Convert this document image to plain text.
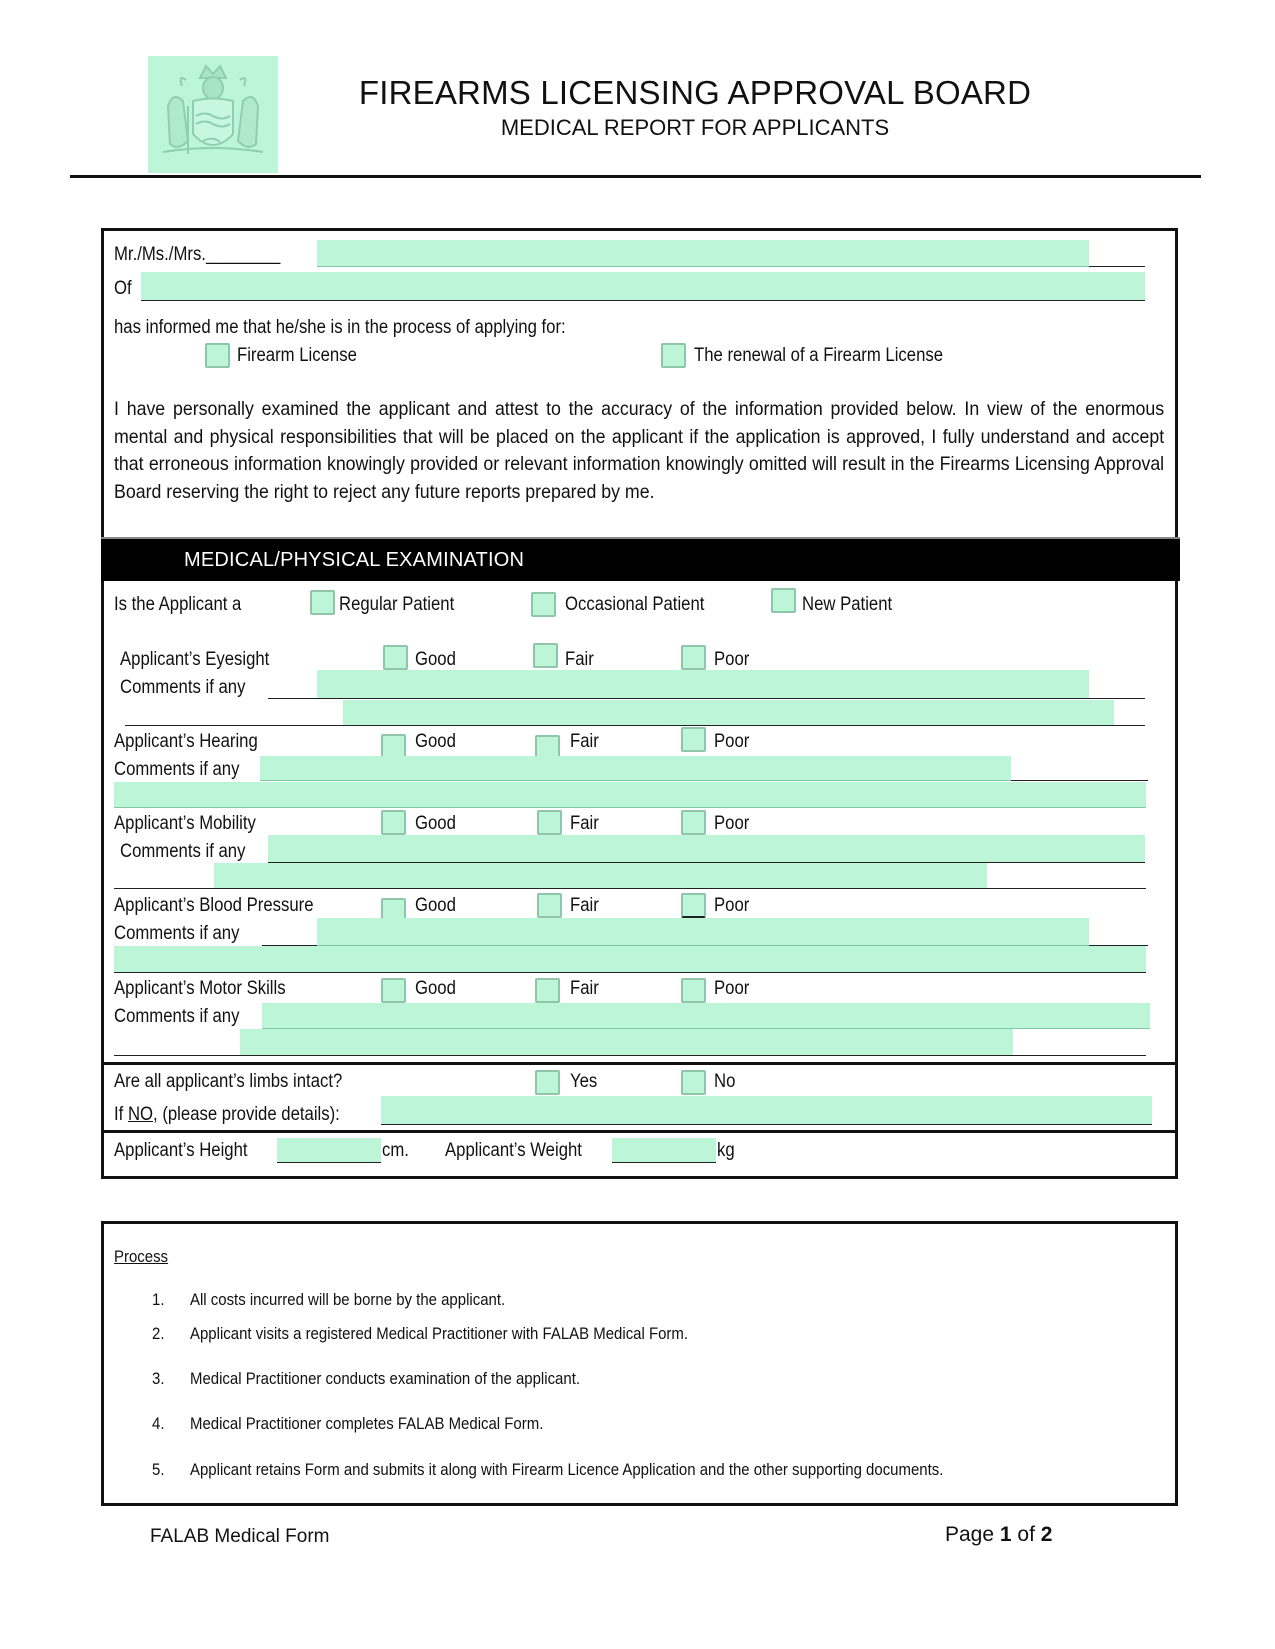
FIREARMS LICENSING APPROVAL BOARD
MEDICAL REPORT FOR APPLICANTS
Mr./Ms./Mrs.________
Of
has informed me that he/she is in the process of applying for:
Firearm License	The renewal of a Firearm License
I have personally examined the applicant and attest to the accuracy of the information provided below. In view of the enormous mental and physical responsibilities that will be placed on the applicant if the application is approved, I fully understand and accept that erroneous information knowingly provided or relevant information knowingly omitted will result in the Firearms Licensing Approval Board reserving the right to reject any future reports prepared by me.
MEDICAL/PHYSICAL EXAMINATION
Is the Applicant a	Regular Patient	Occasional Patient	New Patient
Applicant’s Eyesight	Good	Fair	Poor
Comments if any
Applicant’s Hearing	Good	Fair	Poor
Comments if any
Applicant’s Mobility	Good	Fair	Poor
Comments if any
Applicant’s Blood Pressure	Good	Fair	Poor
Comments if any
Applicant’s Motor Skills	Good	Fair	Poor
Comments if any
Are all applicant’s limbs intact?	Yes	No
If NO, (please provide details):
Applicant’s Height	cm. Applicant’s Weight	kg
Process
1. All costs incurred will be borne by the applicant.
2. Applicant visits a registered Medical Practitioner with FALAB Medical Form.
3. Medical Practitioner conducts examination of the applicant.
4. Medical Practitioner completes FALAB Medical Form.
5. Applicant retains Form and submits it along with Firearm Licence Application and the other supporting documents.
FALAB Medical Form	Page 1 of 2
